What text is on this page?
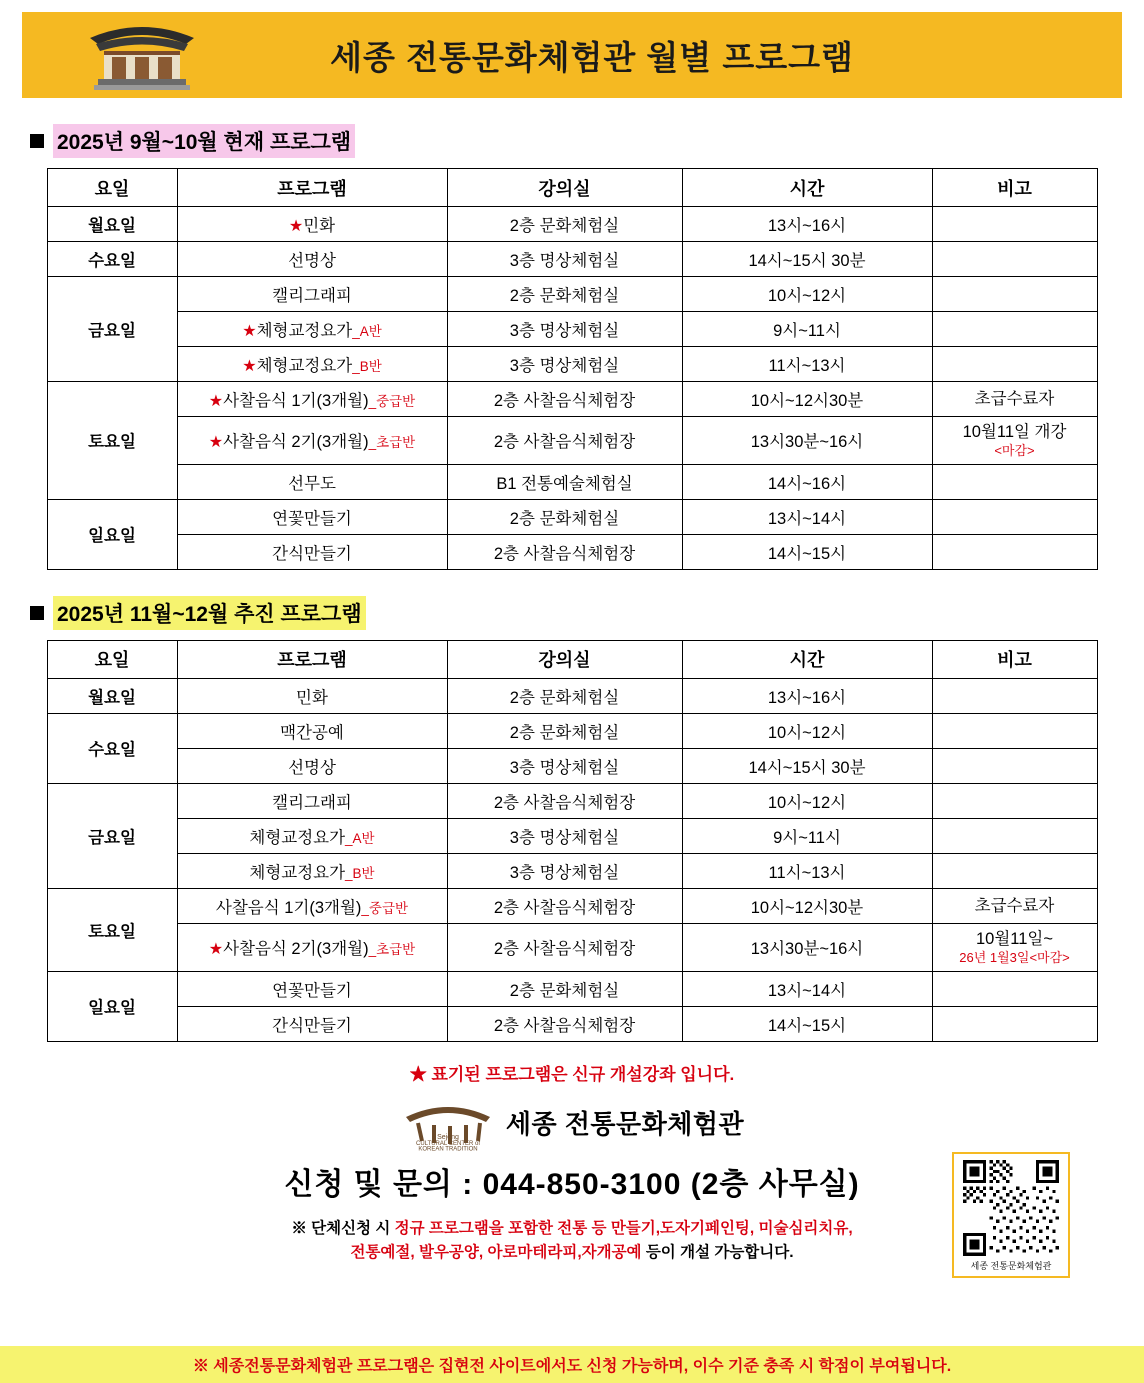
세종 전통문화체험관 월별 프로그램
2025년 9월~10월 현재 프로그램
요일	프로그램	강의실	시간	비고
월요일	★민화	2층 문화체험실	13시~16시	
수요일	선명상	3층 명상체험실	14시~15시 30분	
금요일	캘리그래피	2층 문화체험실	10시~12시	
	★체형교정요가_A반	3층 명상체험실	9시~11시	
	★체형교정요가_B반	3층 명상체험실	11시~13시	
토요일	★사찰음식 1기(3개월)_중급반	2층 사찰음식체험장	10시~12시30분	초급수료자

	★사찰음식 2기(3개월)_초급반	2층 사찰음식체험장	13시30분~16시	10월11일 개강
<마감>

	선무도	B1 전통예술체험실	14시~16시	
일요일	연꽃만들기	2층 문화체험실	13시~14시	
	간식만들기	2층 사찰음식체험장	14시~15시	
2025년 11월~12월 추진 프로그램
요일	프로그램	강의실	시간	비고
월요일	민화	2층 문화체험실	13시~16시	
수요일	맥간공예	2층 문화체험실	10시~12시	
	선명상	3층 명상체험실	14시~15시 30분	
금요일	캘리그래피	2층 사찰음식체험장	10시~12시	
	체형교정요가_A반	3층 명상체험실	9시~11시	
	체형교정요가_B반	3층 명상체험실	11시~13시	
토요일	사찰음식 1기(3개월)_중급반	2층 사찰음식체험장	10시~12시30분	초급수료자

	★사찰음식 2기(3개월)_초급반	2층 사찰음식체험장	13시30분~16시	10월11일~
26년 1월3일<마감>

일요일	연꽃만들기	2층 문화체험실	13시~14시	
	간식만들기	2층 사찰음식체험장	14시~15시	
★ 표기된 프로그램은 신규 개설강좌 입니다.
Sejong
CULTURAL CENTER of
KOREAN TRADITION
세종 전통문화체험관
신청 및 문의 : 044-850-3100 (2층 사무실)
※ 단체신청 시 정규 프로그램을 포함한 전통 등 만들기,도자기페인팅, 미술심리치유,
전통예절, 발우공양, 아로마테라피,자개공예 등이 개설 가능합니다.
세종 전통문화체험관
※ 세종전통문화체험관 프로그램은 집현전 사이트에서도 신청 가능하며, 이수 기준 충족 시 학점이 부여됩니다.
